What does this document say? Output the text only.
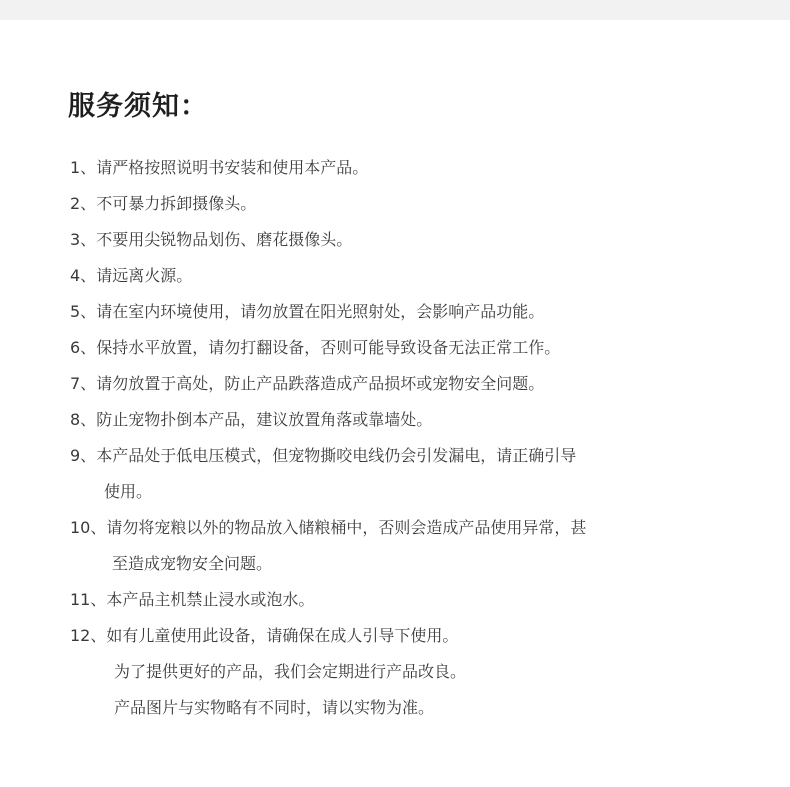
服务须知：
1、请严格按照说明书安装和使用本产品。
2、不可暴力拆卸摄像头。
3、不要用尖锐物品划伤、磨花摄像头。
4、请远离火源。
5、请在室内环境使用，请勿放置在阳光照射处，会影响产品功能。
6、保持水平放置，请勿打翻设备，否则可能导致设备无法正常工作。
7、请勿放置于高处，防止产品跌落造成产品损坏或宠物安全问题。
8、防止宠物扑倒本产品，建议放置角落或靠墙处。
9、本产品处于低电压模式，但宠物撕咬电线仍会引发漏电，请正确引导
使用。
10、请勿将宠粮以外的物品放入储粮桶中，否则会造成产品使用异常，甚
至造成宠物安全问题。
11、本产品主机禁止浸水或泡水。
12、如有儿童使用此设备，请确保在成人引导下使用。
为了提供更好的产品，我们会定期进行产品改良。
产品图片与实物略有不同时，请以实物为准。
